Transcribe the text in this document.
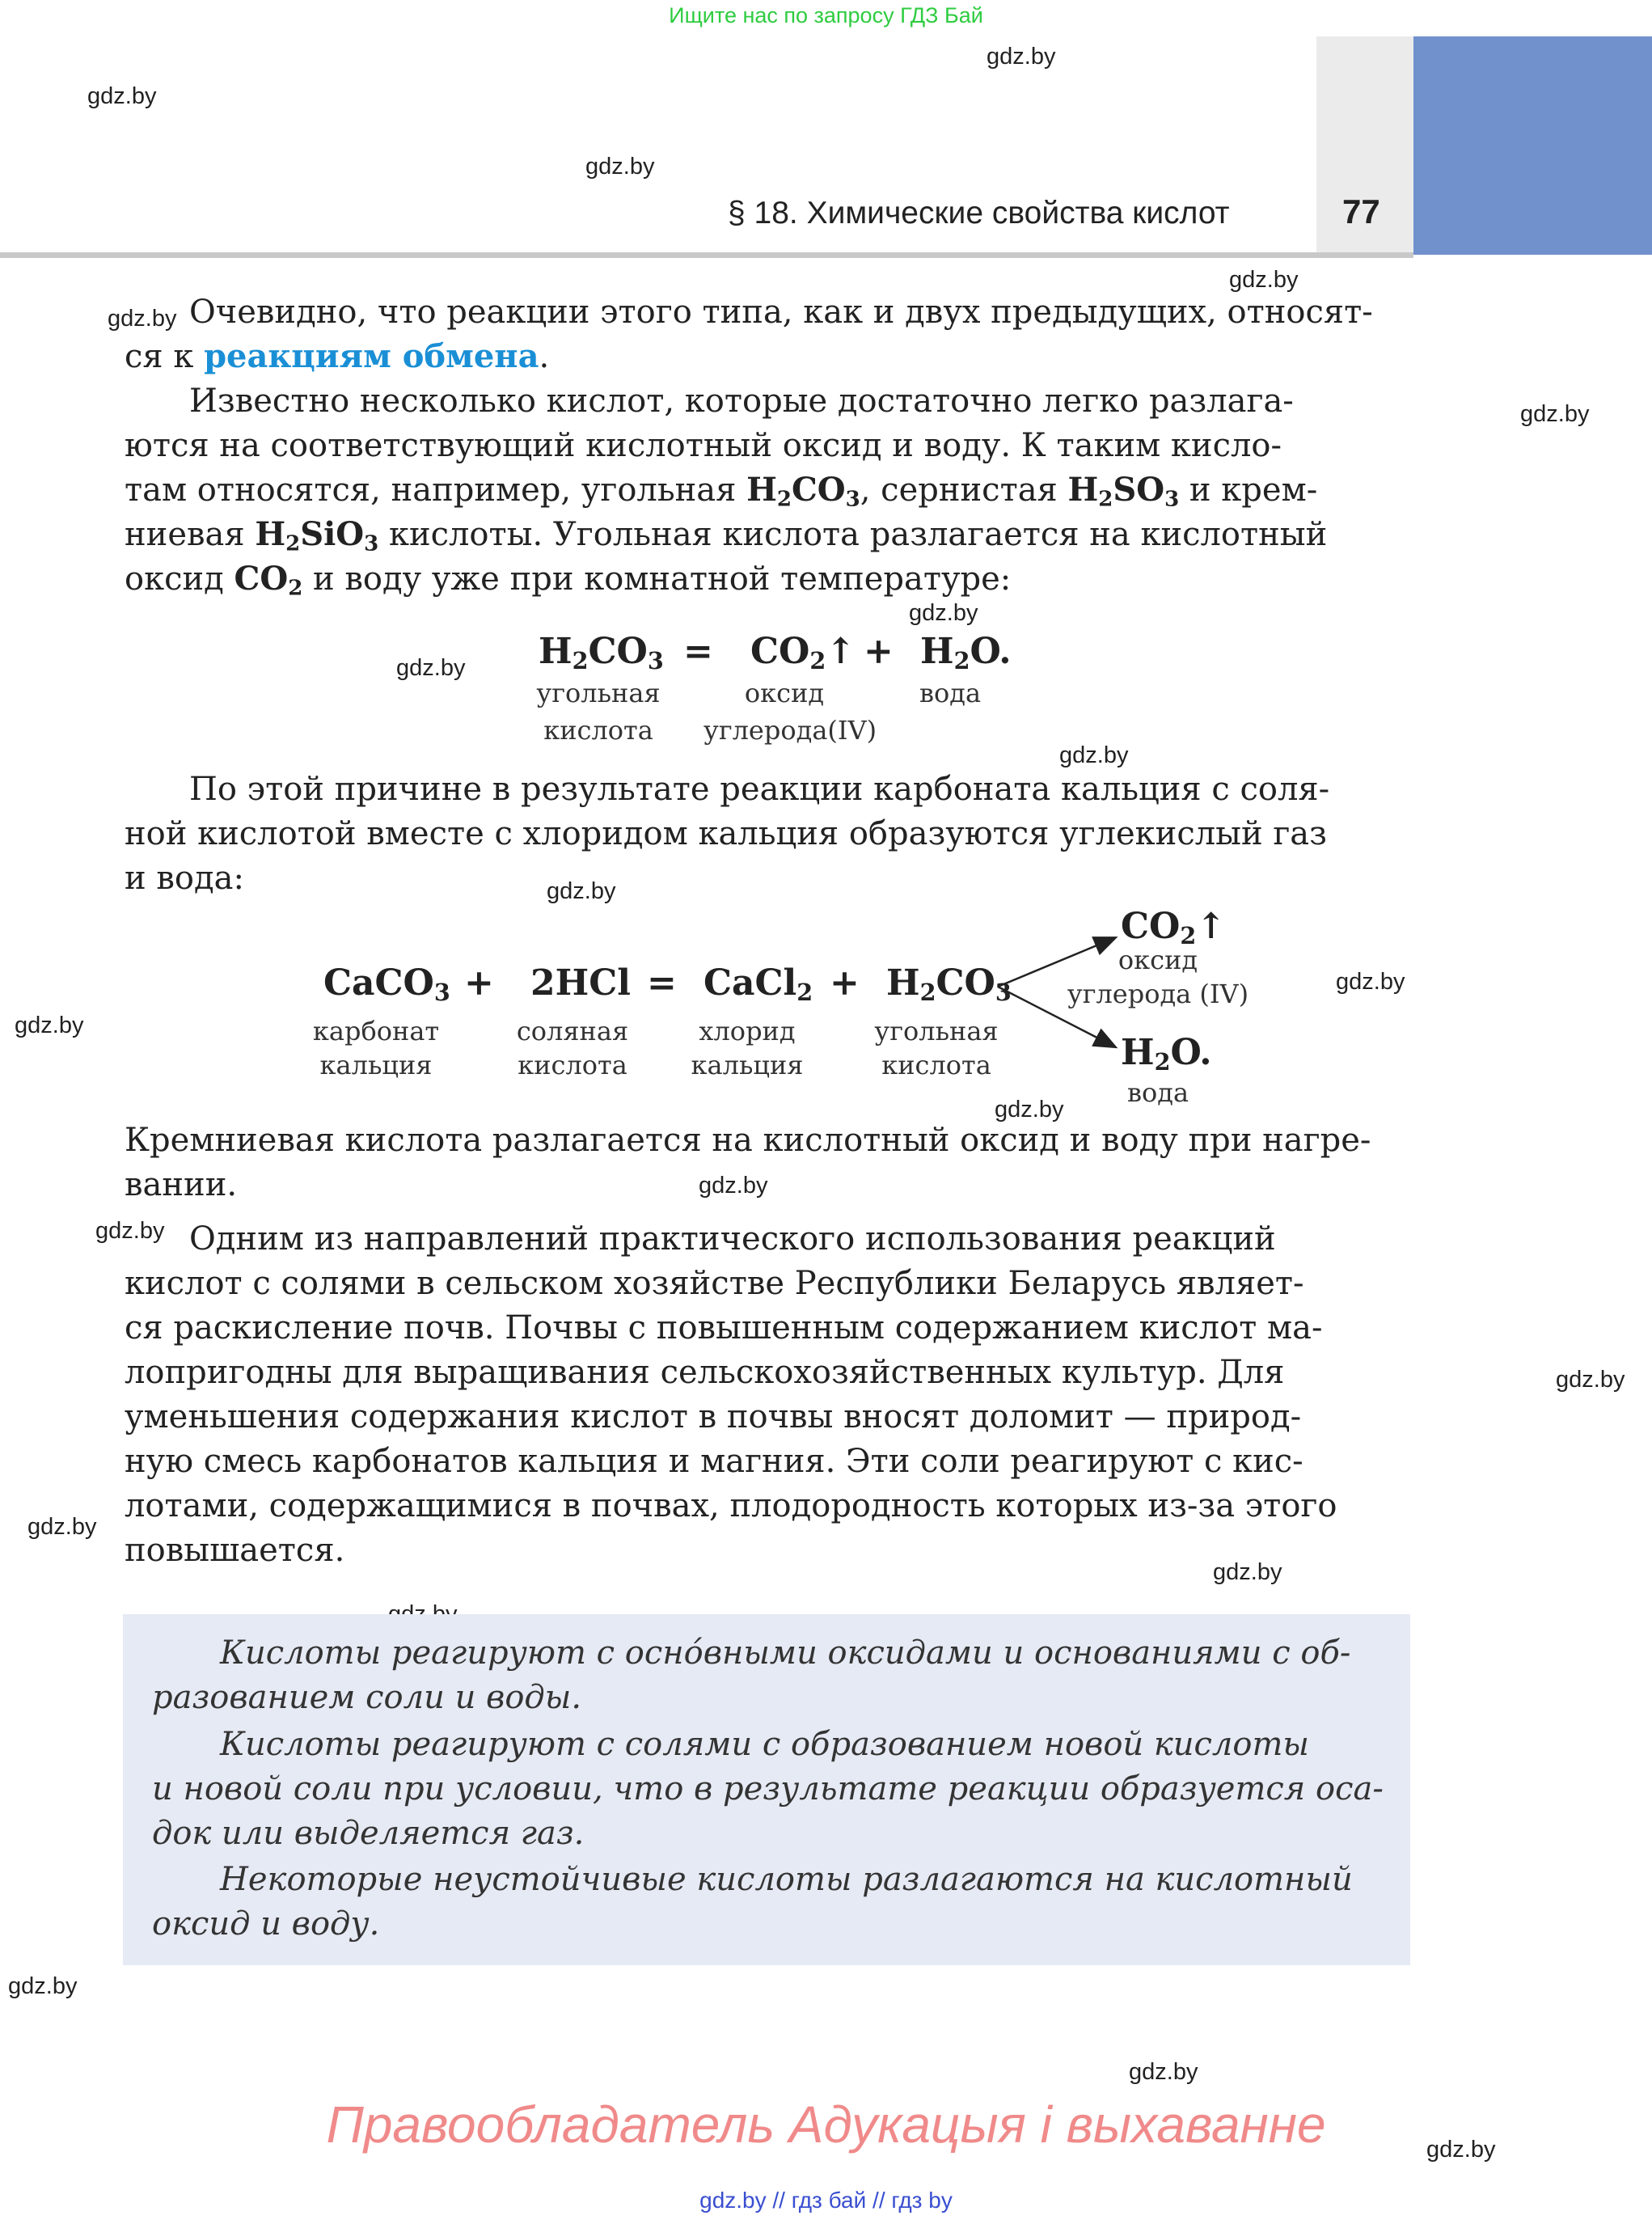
Ищите нас по запросу ГДЗ Бай
§ 18. Химические свойства кислот	77
gdz.by
gdz.by
gdz.by
gdz.by
gdz.by
gdz.by
gdz.by
gdz.by
gdz.by
gdz.by
gdz.by
gdz.by
gdz.by
gdz.by
gdz.by
gdz.by
gdz.by
gdz.by
gdz.by
gdz.by
gdz.by
Очевидно, что реакции этого типа, как и двух предыдущих, относят-
ся к реакциям обмена.
Известно несколько кислот, которые достаточно легко разлага-
ются на соответствующий кислотный оксид и воду. К таким кисло-
там относятся, например, угольная $H_2CO_3$, сернистая $H_2SO_3$ и крем-
ниевая $H_2SiO_3$ кислоты. Угольная кислота разлагается на кислотный
оксид $CO_2$ и воду уже при комнатной температуре:
$H_2CO_3$ = $CO_2↑ + H_2O$.
угольная
кислота
оксид
углерода(IV)
вода
По этой причине в результате реакции карбоната кальция с соля-
ной кислотой вместе с хлоридом кальция образуются углекислый газ
и вода:
CaCO$_3$ + 2HCl = CaCl$_2$ + $H_2CO_3$
$CO_2↑$
$H_2O$.
карбонат
кальция
соляная
кислота
хлорид
кальция
угольная
кислота
оксид
углерода (IV)
вода
Кремниевая кислота разлагается на кислотный оксид и воду при нагре-
вании.
Одним из направлений практического использования реакций
кислот с солями в сельском хозяйстве Республики Беларусь являет-
ся раскисление почв. Почвы с повышенным содержанием кислот ма-
лопригодны для выращивания сельскохозяйственных культур. Для
уменьшения содержания кислот в почвы вносят доломит — природ-
ную смесь карбонатов кальция и магния. Эти соли реагируют с кис-
лотами, содержащимися в почвах, плодородность которых из-за этого
повышается.
Кислоты реагируют с осно́вными оксидами и основаниями с об-
разованием соли и воды.
Кислоты реагируют с солями с образованием новой кислоты
и новой соли при условии, что в результате реакции образуется оса-
док или выделяется газ.
Некоторые неустойчивые кислоты разлагаются на кислотный
оксид и воду.
Правообладатель Адукацыя і выхаванне
gdz.by // гдз бай // гдз by
